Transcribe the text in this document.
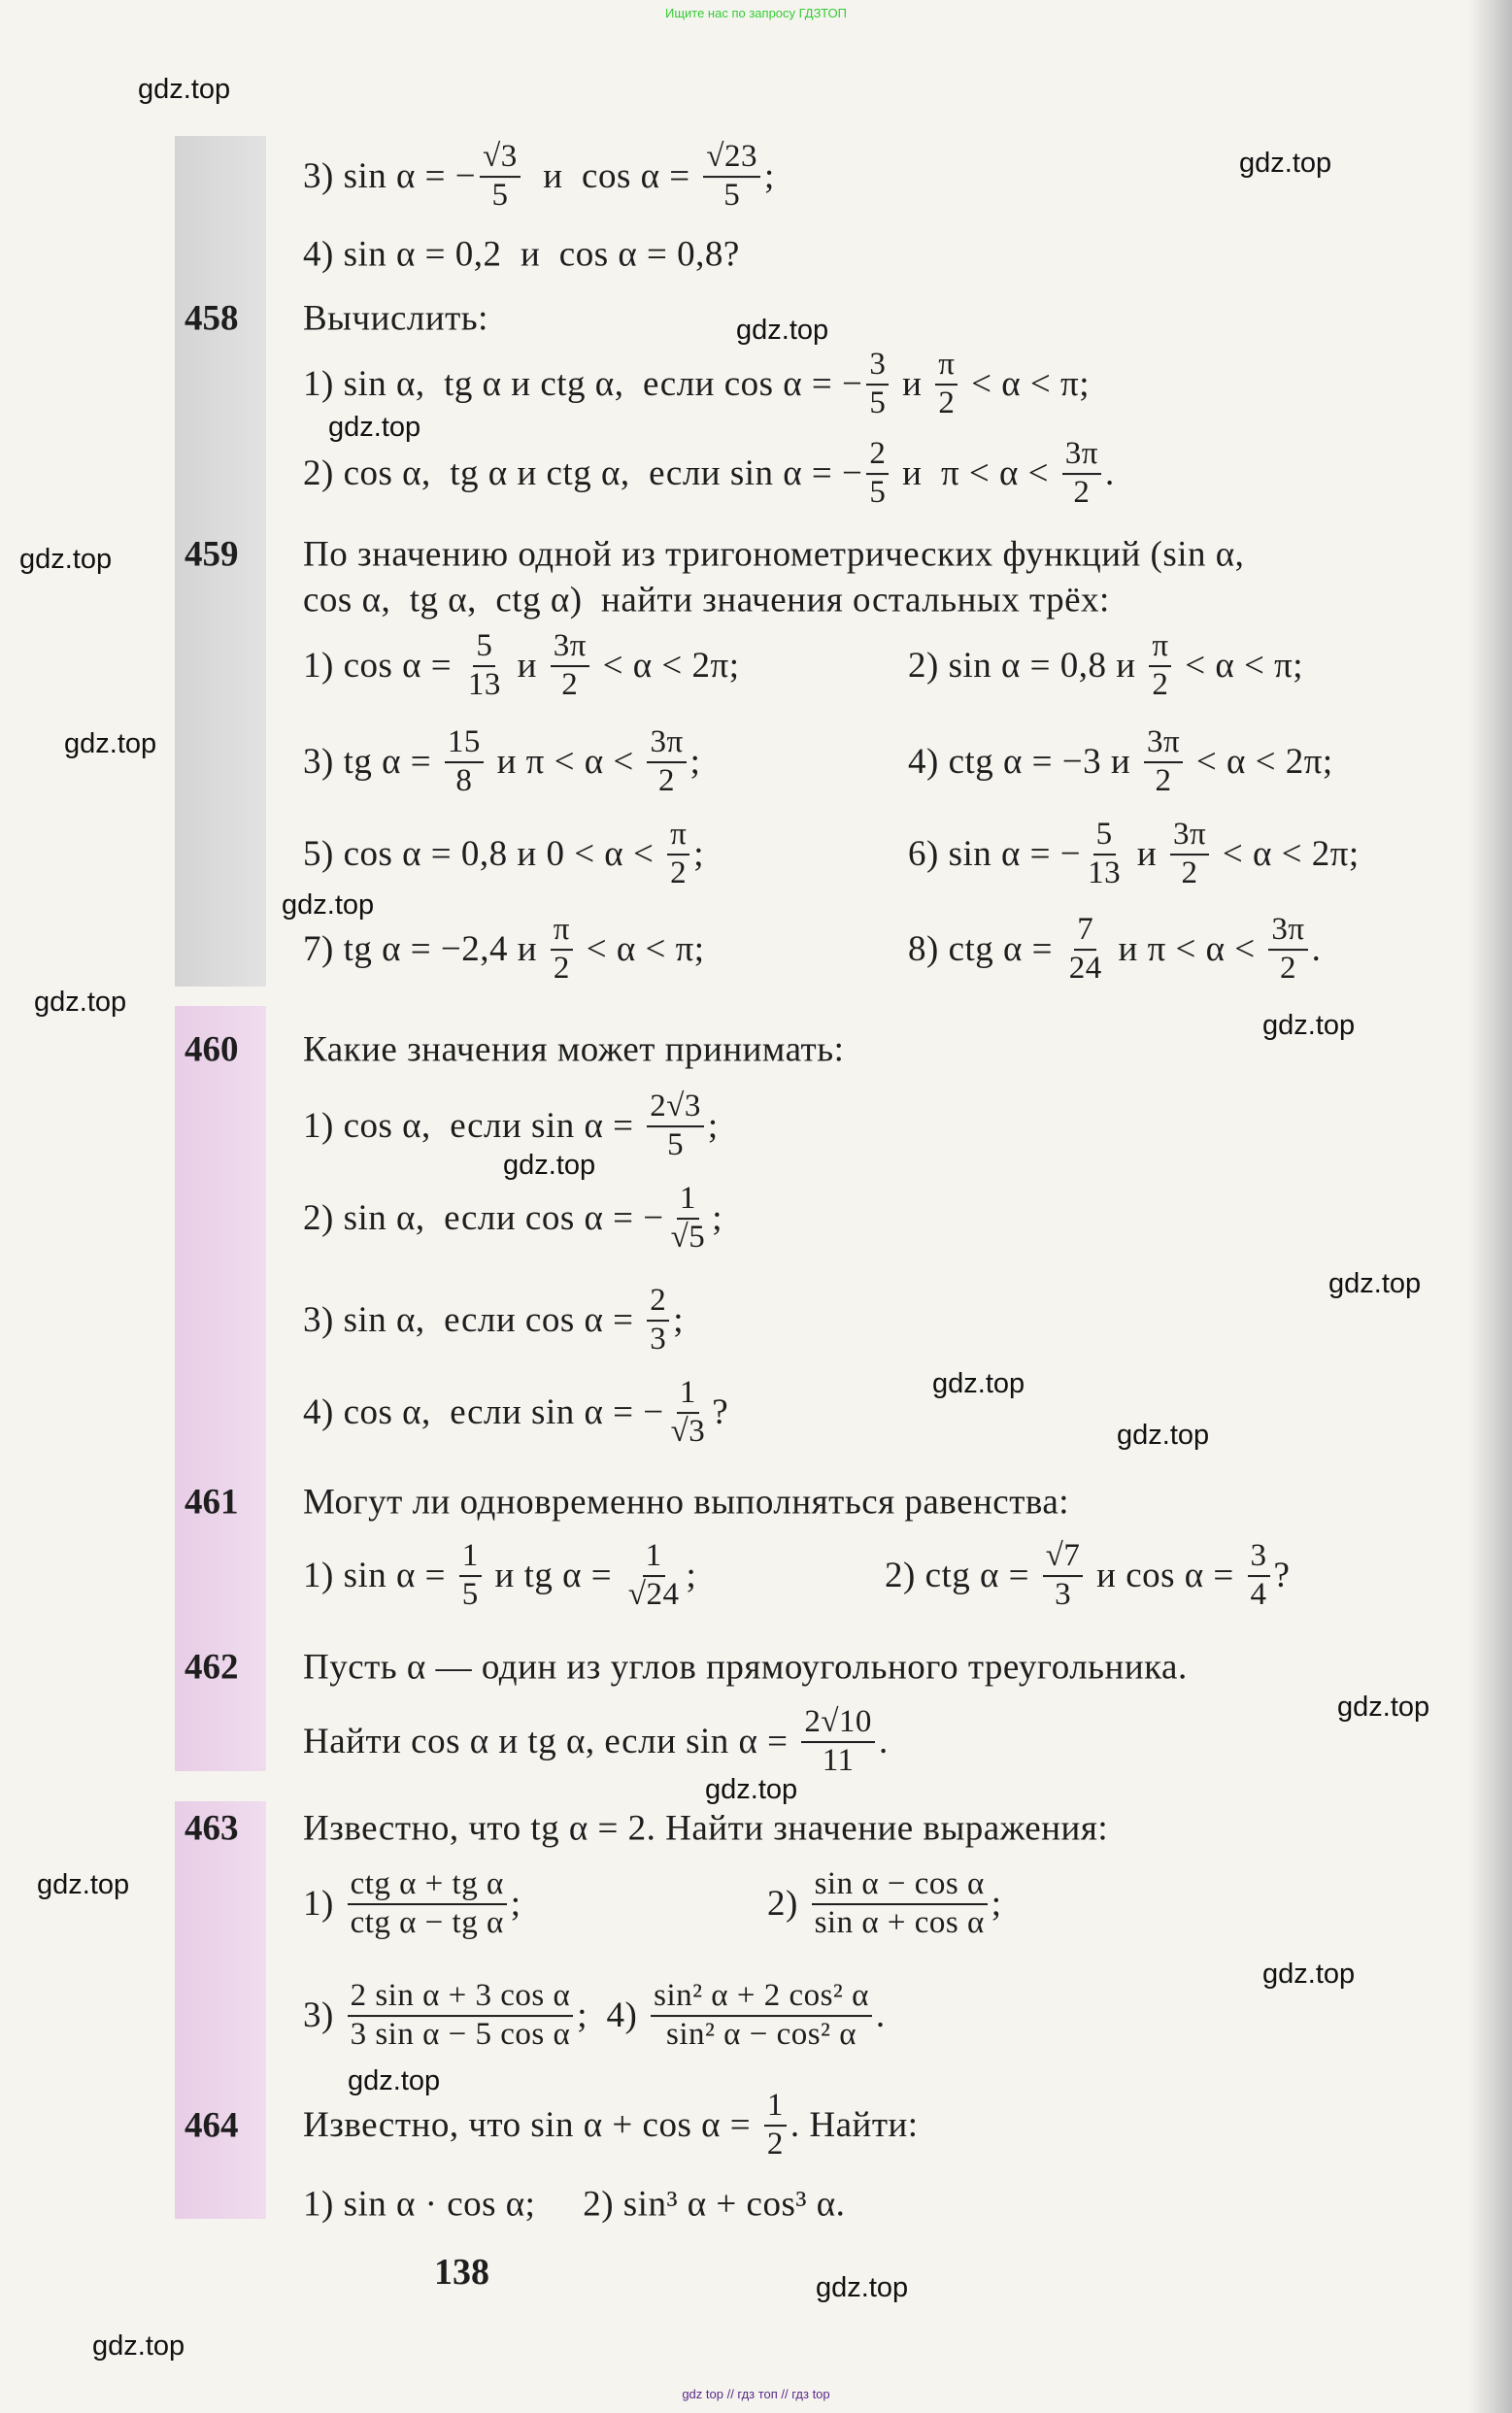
Ищите нас по запросу ГДЗТОП
3) sin α = − $\frac{√3}{5}$ и  $\cos \alpha = \frac{√23}{5}$ ;
4) sin α = 0,2  и  cos α = 0,8?
458 Вычислить:
1) sin α,  tg α и ctg α,  если cos α = − $\frac{3}{5}$ и $\frac{\pi}{2} < \alpha < \pi$;
2) cos α,  tg α и ctg α,  если sin α = − $\frac{2}{5}$ и  $\pi < \alpha < \frac{3\pi}{2}$ .
459 По значению одной из тригонометрических функций (sin α,
cos α,  tg α,  ctg α)  найти значения остальных трёх:
1) $\cos \alpha = \frac{5}{13}$ и $\frac{3\pi}{2} < \alpha < 2\pi$;	2) sin α = 0,8 и $\frac{\pi}{2} < \alpha < \pi$;
3) tg $\alpha = \frac{15}{8}$ и $\pi < \alpha < \frac{3\pi}{2}$ ;	4) ctg α = −3 и $\frac{3\pi}{2} < \alpha < 2\pi$;
5) cos α = 0,8 и $0 < \alpha < \frac{\pi}{2}$ ;	6) sin α = − $\frac{5}{13}$ и $\frac{3\pi}{2} < \alpha < 2\pi$;
7) tg α = −2,4 и $\frac{\pi}{2} < \alpha < \pi$;	8) ctg $\alpha = \frac{7}{24}$ и $\pi < \alpha < \frac{3\pi}{2}$ .
460 Какие значения может принимать:
1) cos α,  если $\sin \alpha = \frac{2√3}{5}$ ;
2) sin α,  если cos α = − $\frac{1}{√5}$ ;
3) sin α,  если $\cos \alpha = \frac{2}{3}$ ;
4) cos α,  если sin α = − $\frac{1}{√3}$ ?
461 Могут ли одновременно выполняться равенства:
1) $\sin \alpha = \frac{1}{5}$ и tg $\alpha = \frac{1}{√24}$ ;	2) ctg $\alpha = \frac{√7}{3}$ и $\cos \alpha = \frac{3}{4}$ ?
462 Пусть α — один из углов прямоугольного треугольника.
Найти cos α и tg α, если $\sin \alpha = \frac{2√10}{11}$ .
463 Известно, что tg α = 2. Найти значение выражения:
$1) \frac{\text{ctg α + tg α}}{\text{ctg α − tg α}}$ ;	$2) \frac{\text{sin α − cos α}}{\text{sin α + cos α}}$ ;
$3) \frac{\text{2 sin α + 3 cos α}}{\text{3 sin α − 5 cos α}}$ ;  $4) \frac{\text{sin² α + 2 cos² α}}{\text{sin² α − cos² α}}$ .
464 Известно, что $\sin \alpha + \cos \alpha = \frac{1}{2}$ . Найти:
1) sin α · cos α;     2) sin³ α + cos³ α.
138
gdz.top
gdz.top
gdz.top
gdz.top
gdz.top
gdz.top
gdz.top
gdz.top
gdz.top
gdz.top
gdz.top
gdz.top
gdz.top
gdz.top
gdz.top
gdz.top
gdz.top
gdz.top
gdz.top
gdz.top
gdz top // гдз топ // гдз top
